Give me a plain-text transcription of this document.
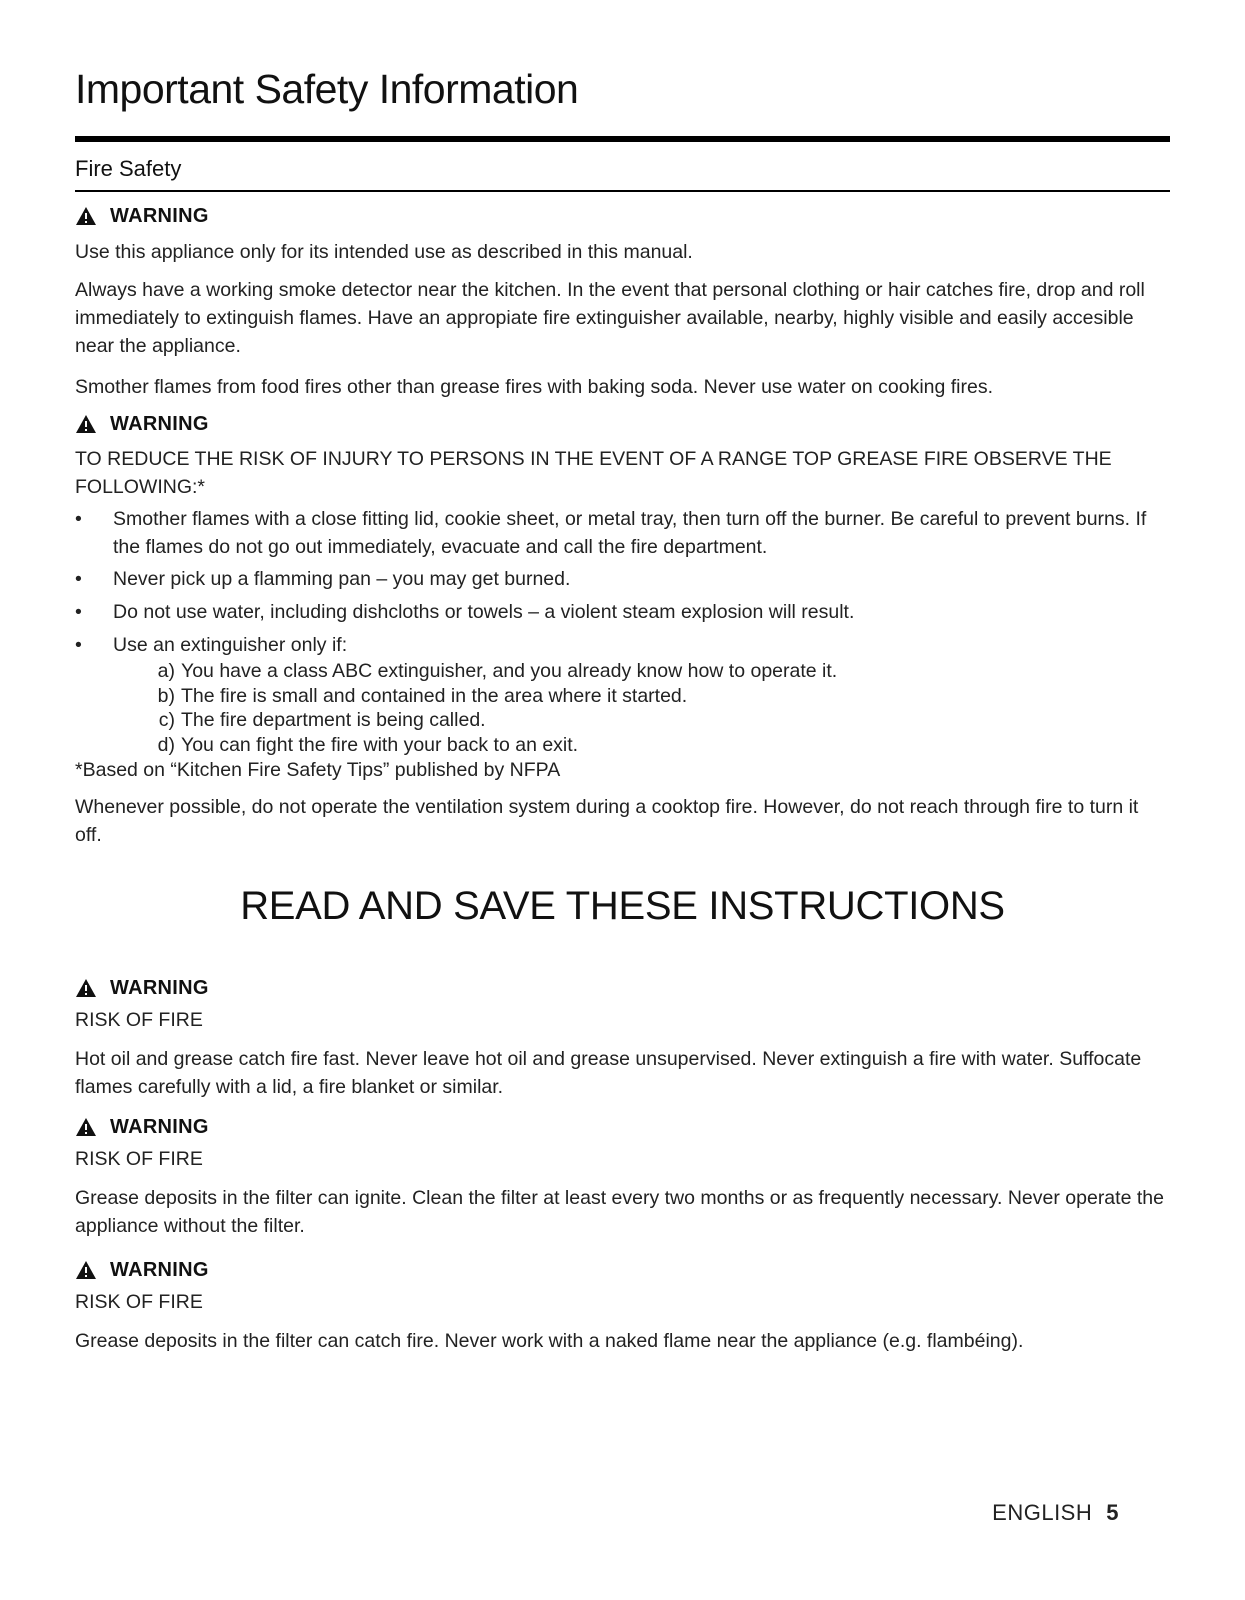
Important Safety Information
Fire Safety
WARNING

Use this appliance only for its intended use as described in this manual.

Always have a working smoke detector near the kitchen. In the event that personal clothing or hair catches fire, drop and roll immediately to extinguish flames. Have an appropiate fire extinguisher available, nearby, highly visible and easily accesible near the appliance.

Smother flames from food fires other than grease fires with baking soda. Never use water on cooking fires.

WARNING

TO REDUCE THE RISK OF INJURY TO PERSONS IN THE EVENT OF A RANGE TOP GREASE FIRE OBSERVE THE FOLLOWING:*

• Smother flames with a close fitting lid, cookie sheet, or metal tray, then turn off the burner. Be careful to prevent burns. If the flames do not go out immediately, evacuate and call the fire department.
• Never pick up a flamming pan – you may get burned.
• Do not use water, including dishcloths or towels – a violent steam explosion will result.
• Use an extinguisher only if:
a) You have a class ABC extinguisher, and you already know how to operate it.
b) The fire is small and contained in the area where it started.
c) The fire department is being called.
d) You can fight the fire with your back to an exit.

*Based on “Kitchen Fire Safety Tips” published by NFPA

Whenever possible, do not operate the ventilation system during a cooktop fire. However, do not reach through fire to turn it off.

READ AND SAVE THESE INSTRUCTIONS
WARNING

RISK OF FIRE

Hot oil and grease catch fire fast. Never leave hot oil and grease unsupervised. Never extinguish a fire with water. Suffocate flames carefully with a lid, a fire blanket or similar.

WARNING

RISK OF FIRE

Grease deposits in the filter can ignite. Clean the filter at least every two months or as frequently necessary. Never operate the appliance without the filter.

WARNING

RISK OF FIRE

Grease deposits in the filter can catch fire. Never work with a naked flame near the appliance (e.g. flambéing).

ENGLISH 5
